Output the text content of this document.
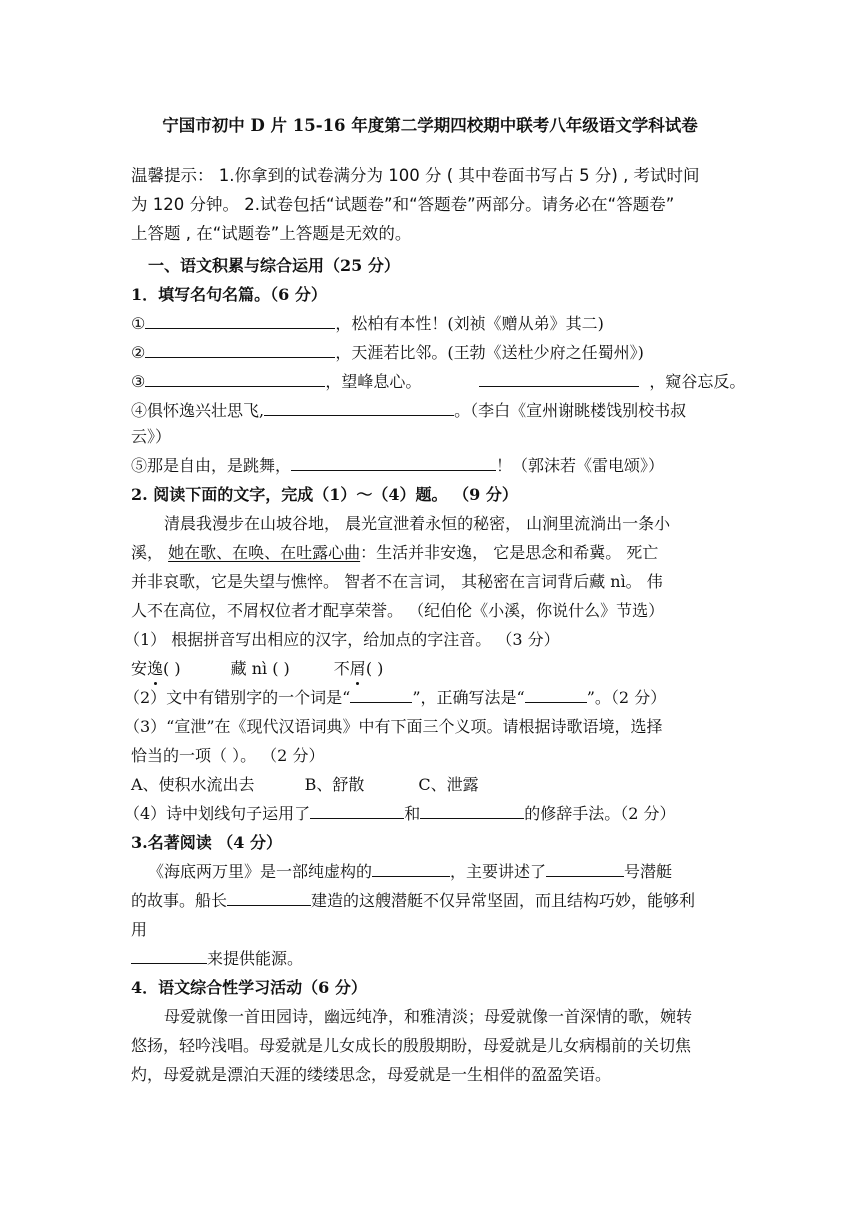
宁国市初中 D 片 15-16 年度第二学期四校期中联考八年级语文学科试卷
温馨提示： 1.你拿到的试卷满分为 100 分 ( 其中卷面书写占 5 分) , 考试时间
为 120 分钟。 2.试卷包括“试题卷”和“答题卷”两部分。请务必在“答题卷”
上答题 , 在“试题卷”上答题是无效的。
一、语文积累与综合运用（25 分）
1．填写名句名篇。（6 分）
①	，松柏有本性！(刘祯《赠从弟》其二)
②	，天涯若比邻。(王勃《送杜少府之任蜀州》)
③	，望峰息心。	，窥谷忘反。
④俱怀逸兴壮思飞,	。（李白《宣州谢眺楼饯别校书叔
云》）
⑤那是自由，是跳舞，	！（郭沫若《雷电颂》）
2. 阅读下面的文字，完成（1）～（4）题。 （9 分）
清晨我漫步在山坡谷地， 晨光宣泄着永恒的秘密， 山涧里流淌出一条小
溪， 她在歌、在唤、在吐露心曲：生活并非安逸， 它是思念和希冀。 死亡
并非哀歌，它是失望与憔悴。 智者不在言词， 其秘密在言词背后藏 nì。 伟
人不在高位，不屑权位者才配享荣誉。 （纪伯伦《小溪，你说什么》节选）
（1） 根据拼音写出相应的汉字，给加点的字注音。 （3 分）
安逸( )	藏 nì ( )	不屑( )
（2）文中有错别字的一个词是“	”，正确写法是“	”。（2 分）
（3）“宣泄”在《现代汉语词典》中有下面三个义项。请根据诗歌语境，选择
恰当的一项（ ）。 （2 分）
A、使积水流出去	B、舒散	C、泄露
（4）诗中划线句子运用了	和	的修辞手法。（2 分）
3.名著阅读 （4 分）
《海底两万里》是一部纯虚构的	，主要讲述了	号潜艇
的故事。船长	建造的这艘潜艇不仅异常坚固，而且结构巧妙，能够利
用
来提供能源。
4．语文综合性学习活动（6 分）
母爱就像一首田园诗，幽远纯净，和雅清淡；母爱就像一首深情的歌，婉转
悠扬，轻吟浅唱。母爱就是儿女成长的殷殷期盼，母爱就是儿女病榻前的关切焦
灼，母爱就是漂泊天涯的缕缕思念，母爱就是一生相伴的盈盈笑语。
